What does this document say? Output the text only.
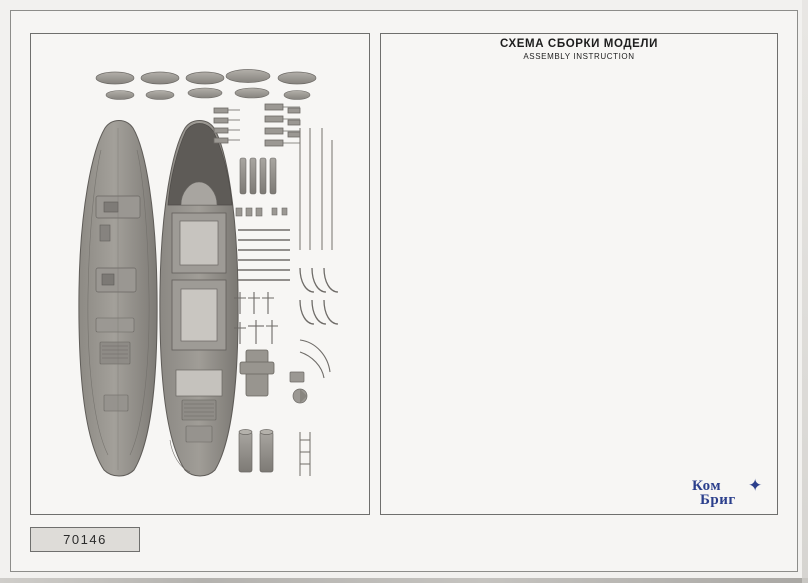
СХЕМА СБОРКИ МОДЕЛИ
ASSEMBLY INSTRUCTION
70146
Ком
Бриг
✦
